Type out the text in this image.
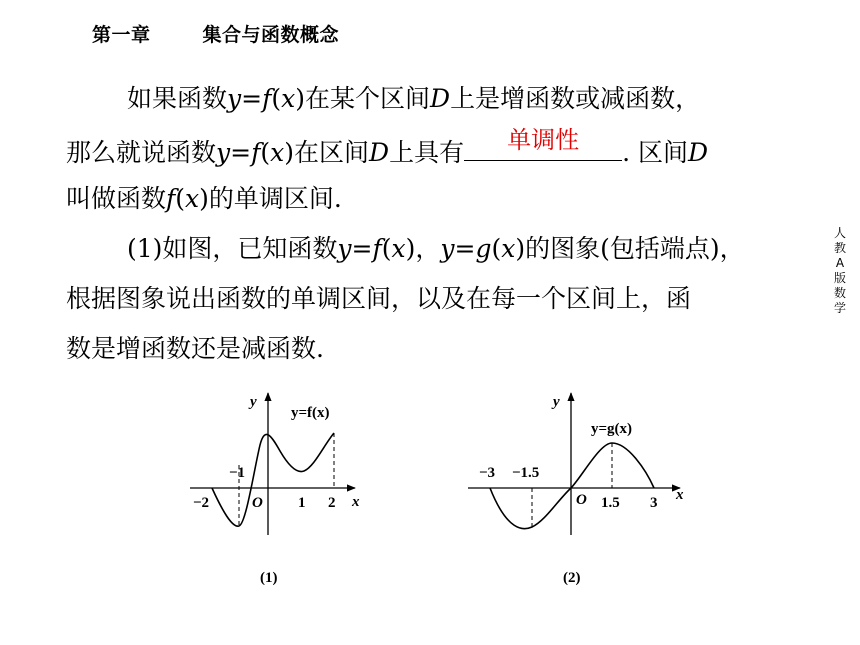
第一章	集合与函数概念
如果函数y=f(x)在某个区间D上是增函数或减函数，
那么就说函数y=f(x)在区间D上具有	单调性	. 区间D
叫做函数f(x)的单调区间.
(1)如图，已知函数y=f(x)，y=g(x)的图象(包括端点)，
根据图象说出函数的单调区间，以及在每一个区间上，函
数是增函数还是减函数.
人
教
A
版
数
学
y
y=f(x)
x
−2
−1
O 1 2
(1)
y
y=g(x)
x
−3 −1.5
O 1.5 3
(2)
